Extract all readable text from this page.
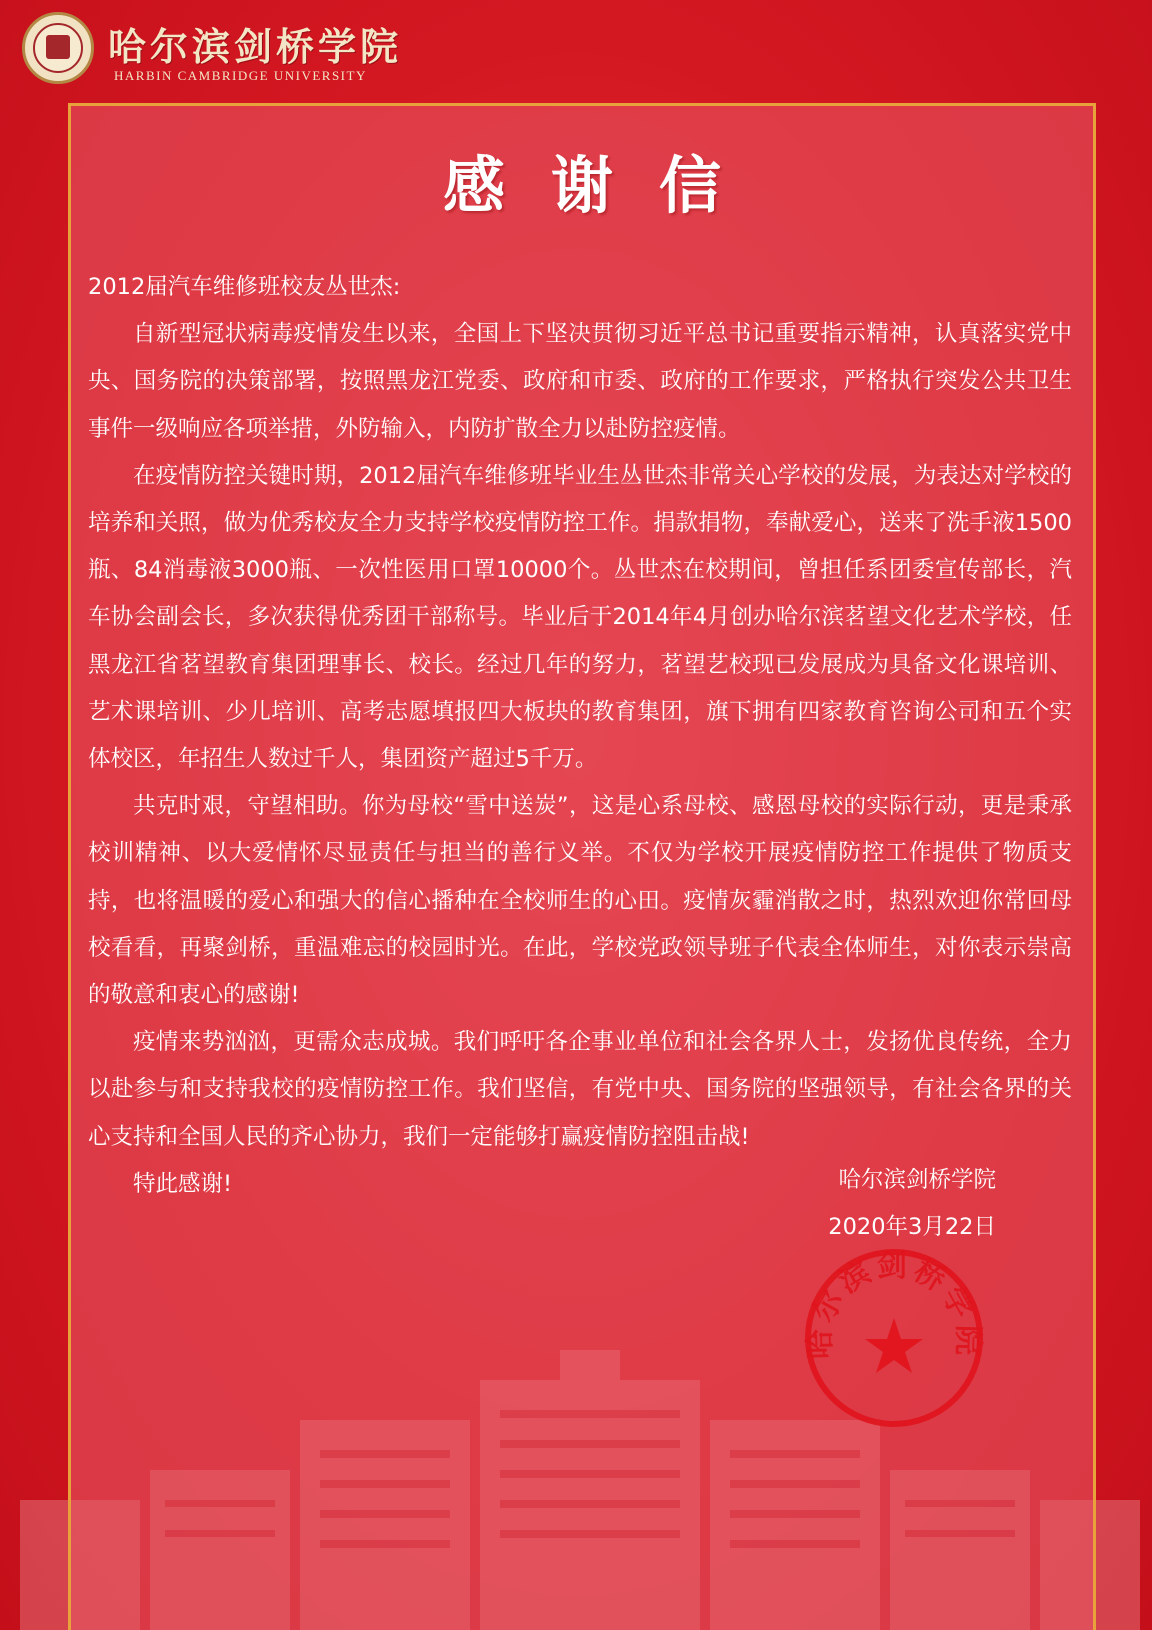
哈尔滨剑桥学院
HARBIN CAMBRIDGE UNIVERSITY
感谢信

2012届汽车维修班校友丛世杰:

自新型冠状病毒疫情发生以来，全国上下坚决贯彻习近平总书记重要指示精神，认真落实党中央、国务院的决策部署，按照黑龙江党委、政府和市委、政府的工作要求，严格执行突发公共卫生事件一级响应各项举措，外防输入，内防扩散全力以赴防控疫情。

在疫情防控关键时期，2012届汽车维修班毕业生丛世杰非常关心学校的发展，为表达对学校的培养和关照，做为优秀校友全力支持学校疫情防控工作。捐款捐物，奉献爱心，送来了洗手液1500瓶、84消毒液3000瓶、一次性医用口罩10000个。丛世杰在校期间，曾担任系团委宣传部长，汽车协会副会长，多次获得优秀团干部称号。毕业后于2014年4月创办哈尔滨茗望文化艺术学校，任黑龙江省茗望教育集团理事长、校长。经过几年的努力，茗望艺校现已发展成为具备文化课培训、艺术课培训、少儿培训、高考志愿填报四大板块的教育集团，旗下拥有四家教育咨询公司和五个实体校区，年招生人数过千人，集团资产超过5千万。

共克时艰，守望相助。你为母校“雪中送炭”，这是心系母校、感恩母校的实际行动，更是秉承校训精神、以大爱情怀尽显责任与担当的善行义举。不仅为学校开展疫情防控工作提供了物质支持，也将温暖的爱心和强大的信心播种在全校师生的心田。疫情灰霾消散之时，热烈欢迎你常回母校看看，再聚剑桥，重温难忘的校园时光。在此，学校党政领导班子代表全体师生，对你表示崇高的敬意和衷心的感谢!

疫情来势汹汹，更需众志成城。我们呼吁各企事业单位和社会各界人士，发扬优良传统，全力以赴参与和支持我校的疫情防控工作。我们坚信，有党中央、国务院的坚强领导，有社会各界的关心支持和全国人民的齐心协力，我们一定能够打赢疫情防控阻击战!

特此感谢!	哈尔滨剑桥学院
2020年3月22日
哈尔滨剑桥学院
